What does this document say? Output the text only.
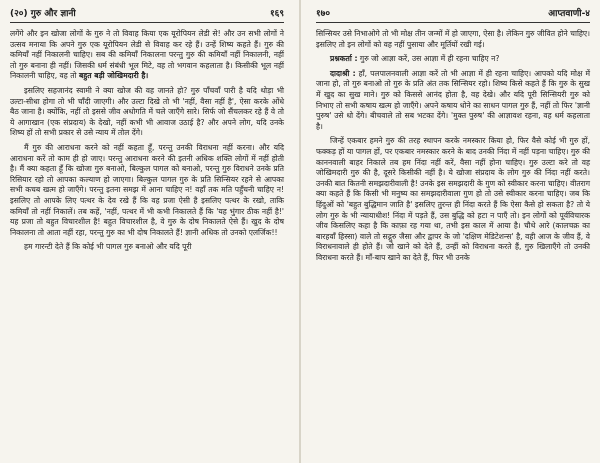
(२०) गुरु और ज्ञानी	१६९

लगेंगे और इन खोजा लोगों के गुरु ने तो विवाह किया एक यूरोपियन लेडी से! और उन सभी लोगों ने उत्सव मनाया कि अपने गुरु एक यूरोपियन लेडी से विवाह कर रहे हैं। उन्हें शिष्य कहते हैं। गुरु की कमियाँ नहीं निकालनी चाहिए। सब की कमियाँ निकालना परन्तु गुरु की कमियाँ नहीं निकालनी, नहीं तो गुरु बनाना ही नहीं। जिसकी धर्म संबंधी भूल मिटे, वह तो भगवान कहलाता है। किसीकी भूल नहीं निकालनी चाहिए, वह तो बहुत बड़ी जोखिमदारी है।

इसलिए सहजानंद स्वामी ने क्या खोज की वह जानते हो? गुरु पाँचवाँ पारी है यदि थोड़ा भी उल्टा-सीधा होगा तो भी चाँदी जाएगी। और उल्टा दिखे तो भी 'नहीं, वैसा नहीं है', ऐसा करके ओंधे बैठ जाना है। क्योंकि, नहीं तो इससे जीव अधोगति में चले जाएँगे सारे। सिर्फ जो सैंचलकर रहे हैं वे तो ये आगाखान (एक संप्रदाय) के देखो, नहीं कभी भी आवाज उठाई है? और अपने लोग, यदि उनके शिष्य हों तो सभी प्रकार से उसे न्याय में तोल देंगे।

मैं गुरु की आराधना करने को नहीं कहता हूँ, परन्तु उनकी विराधना नहीं करना। और यदि आराधना करें तो काम ही हो जाए। परन्तु आराधना करने की इतनी अधिक शक्ति लोगों में नहीं होती है। मैं क्या कहता हूँ कि खोजा गुरु बनाओ, बिल्कुल पागल को बनाओ, परन्तु गुरु विराधने उनके प्रति रिसियार रहो तो आपका कल्याण हो जाएगा। बिल्कुल पागल गुरु के प्रति सिन्सियर रहने से आपका सभी कचब खत्म हो जाएँगे। परन्तु इतना समझ में आना चाहिए न! वहाँ तक मति पहुँचनी चाहिए न! इसलिए तो आपके लिए पत्थर के देव रखे हैं कि वह प्रजा ऐसी है इसलिए पत्थर के रखो, ताकि कमियाँ तो नहीं निकालें। तब कहें, 'नहीं, पत्थर में भी कभी निकालते हैं कि 'यह भुंगार ठीक नहीं है!' यह प्रजा तो बहुत विचारशील है! बहुत विचारशील है, वे गुरु के दोष निकालते ऐसे हैं। खुद के दोष निकालना तो आता नहीं रहा, परन्तु गुरु का भी दोष निकालते हैं! ज्ञानी अधिक तो उनको एलर्जिक!!

हम गारन्टी देते हैं कि कोई भी पागल गुरु बनाओ और यदि पूरी

१७०	आप्तवाणी-४

सिन्सियर उसे निभाओगे तो भी मोक्ष तीन जन्मों में हो जाएगा, ऐसा है। लेकिन गुरु जीवित होने चाहिए। इसलिए तो इन लोगों को वह नहीं पुसाया और मूर्तियों रखी गई।

प्रश्नकर्ता : गुरु जो आज्ञा करें, उस आज्ञा में ही रहना चाहिए न?

दादाश्री : हाँ, पलपालनवाली आज्ञा करें तो भी आज्ञा में ही रहना चाहिए। आपको यदि मोक्ष में जाना हो, तो गुरु बनाओ तो गुरु के प्रति अंत तक सिन्सियर रहो। शिष्य किसे कहते हैं कि गुरु के सुख में खुद का सुख माने। गुरु को किससे आनंद होता है, वह देखे। और यदि पूरी सिन्सियरी गुरु को निभाए तो सभी कषाय खत्म हो जाएँगे। अपने कषाय धोने का साधन पागल गुरु हैं, नहीं तो फिर 'ज्ञानी पुरुष' उसे धो देंगे। बीचवाले तो सब भटका देंगे। 'मुक्त पुरुष' की आज्ञावश रहना, वह धर्म कहलाता है।

जिन्हें एकबार हमने गुरु की तरह स्थापन करके नमस्कार किया हो, फिर वैसे कोई भी गुरु हों, फक्कड़ हों या पागल हों, पर एकबार नमस्कार करने के बाद उनकी निंदा में नहीं पड़ना चाहिए। गुरु की काननवाली बाहर निकाले तब हम निंदा नहीं करें, वैसा नहीं होना चाहिए। गुरु उल्टा करे तो वह जोखिमदारी गुरु की है, दूसरे किसीकी नहीं है। ये खोजा संप्रदाय के लोग गुरु की निंदा नहीं करते। उनकी बात कितनी समझदारीवाली है! उनके इस समझदारी के गुण को स्वीकार करना चाहिए। वीतराग क्या कहते हैं कि किसी भी मनुष्य का समझदारीवाला गुण हो तो उसे स्वीकार करना चाहिए। जब कि हिंदुओं को 'बहुत बुद्धिमान जाति है' इसलिए तुरन्त ही निंदा करते हैं कि ऐसा कैसे हो सकता है? तो ये लोग गुरु के भी न्यायाधीश! निंदा में पड़ते हैं, उस बुद्धि को हटा न पाएँ तो। इन लोगों को पूर्वविचारक जीव किसलिए कहा है कि काफ़ा रह गया था, तभी इस काल में आया है। चौथे आरे (कालचक्र का बारहवाँ हिस्सा) वाले तो सद्गुरु जैसा और द्वापर के जो 'दक्षिण मेडिटेशन्स' है, वही आज के जीव हैं, वे विराधनावाले ही होते हैं। जो खाने को देते हैं, उन्हीं को विराधना करते हैं, गुरु खिलाएँगे तो उनकी विराधना करते हैं। माँ-बाप खाने का देते हैं, फिर भी उनके
